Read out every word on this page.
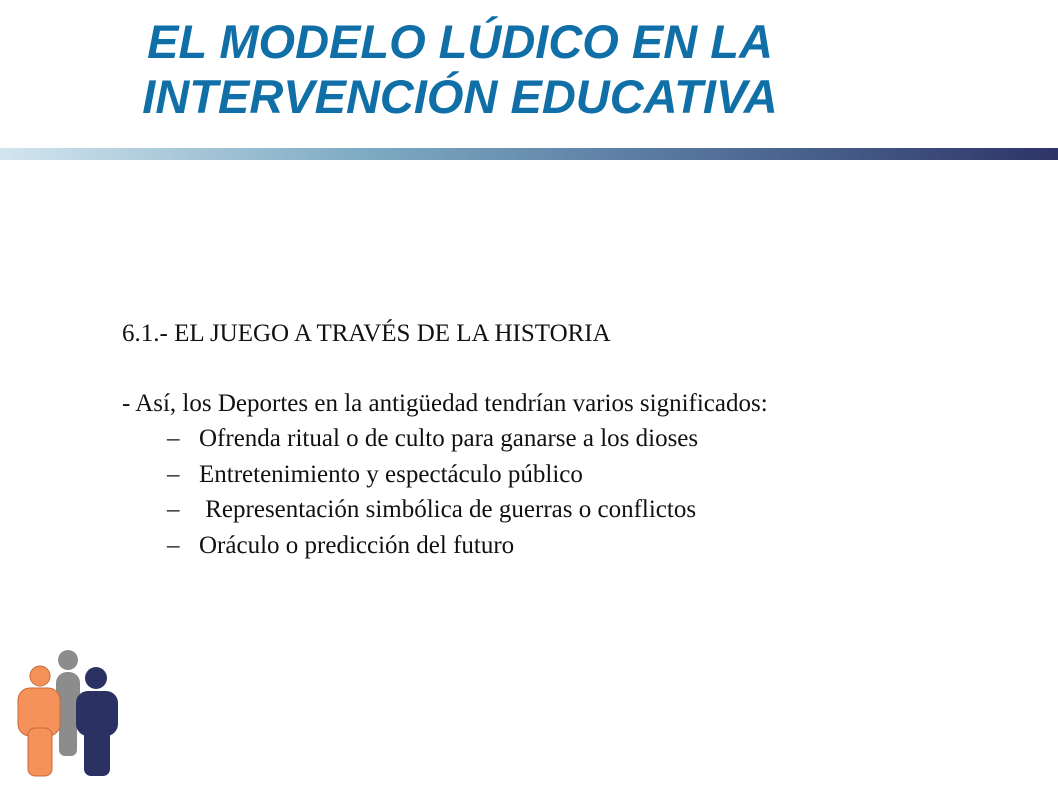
EL MODELO LÚDICO EN LA
INTERVENCIÓN EDUCATIVA

6.1.- EL JUEGO A TRAVÉS DE LA HISTORIA

- Así, los Deportes en la antigüedad tendrían varios significados:

– Ofrenda ritual o de culto para ganarse a los dioses
– Entretenimiento y espectáculo público
– Representación simbólica de guerras o conflictos
– Oráculo o predicción del futuro
